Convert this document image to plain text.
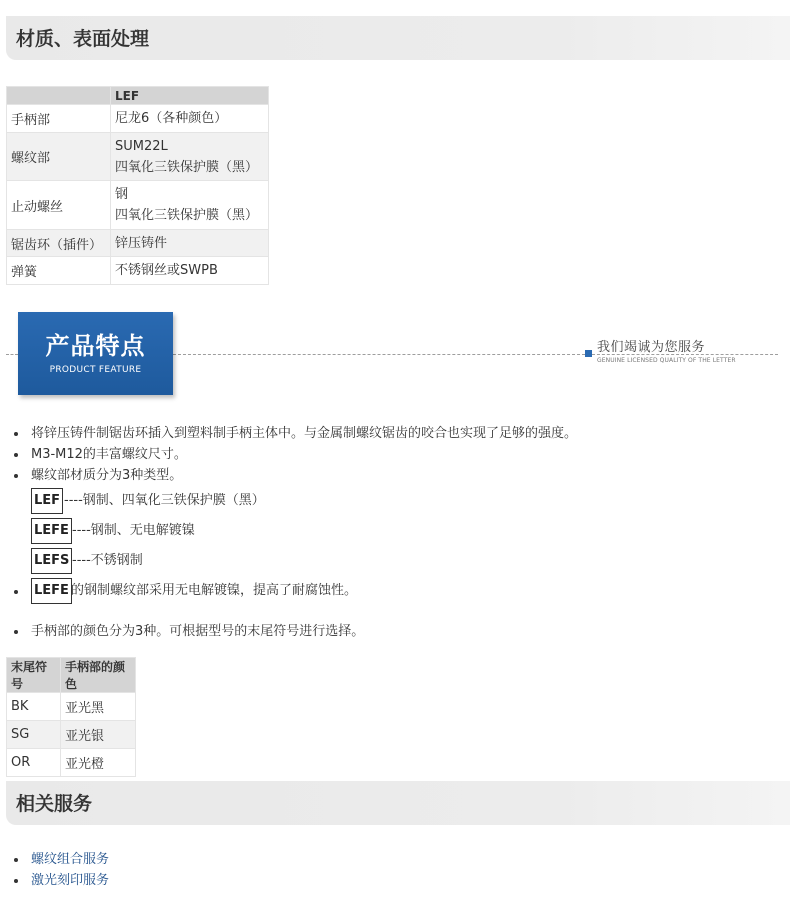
材质、表面处理
	LEF
手柄部	尼龙6（各种颜色）

螺纹部	SUM22L
四氧化三铁保护膜（黑）

止动螺丝	钢
四氧化三铁保护膜（黑）

锯齿环（插件）	锌压铸件

弹簧	不锈钢丝或SWPB
产品特点
PRODUCT FEATURE
我们竭诚为您服务
GENUINE LICENSED QUALITY OF THE LETTER
将锌压铸件制锯齿环插入到塑料制手柄主体中。与金属制螺纹锯齿的咬合也实现了足够的强度。
M3-M12的丰富螺纹尺寸。
螺纹部材质分为3种类型。
LEF ----钢制、四氧化三铁保护膜（黑）
LEFE ----钢制、无电解镀镍
LEFS ----不锈钢制
LEFE 的钢制螺纹部采用无电解镀镍，提高了耐腐蚀性。
手柄部的颜色分为3种。可根据型号的末尾符号进行选择。
末尾符号	手柄部的颜色
BK	亚光黑
SG	亚光银
OR	亚光橙
相关服务
螺纹组合服务
激光刻印服务
